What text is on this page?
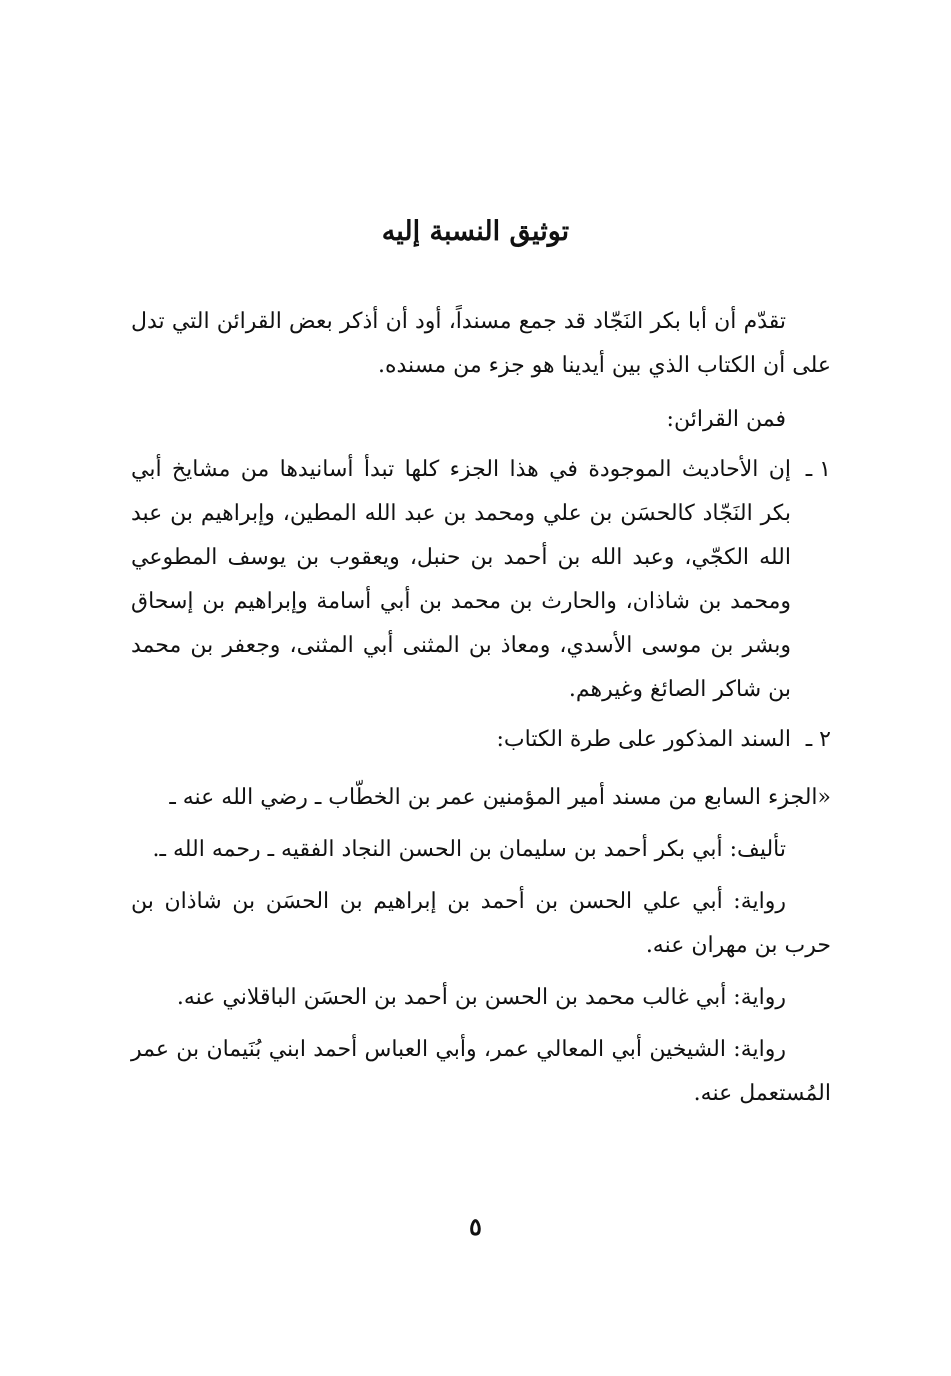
توثيق النسبة إليه

تقدّم أن أبا بكر النَجّاد قد جمع مسنداً، أود أن أذكر بعض القرائن التي تدل على أن الكتاب الذي بين أيدينا هو جزء من مسنده.

فمن القرائن:

١ ـ
إن الأحاديث الموجودة في هذا الجزء كلها تبدأ أسانيدها من مشايخ أبي بكر النَجّاد كالحسَن بن علي ومحمد بن عبد الله المطين، وإبراهيم بن عبد الله الكجّي، وعبد الله بن أحمد بن حنبل، ويعقوب بن يوسف المطوعي ومحمد بن شاذان، والحارث بن محمد بن أبي أسامة وإبراهيم بن إسحاق وبشر بن موسى الأسدي، ومعاذ بن المثنى أبي المثنى، وجعفر بن محمد بن شاكر الصائغ وغيرهم.
٢ ـ
السند المذكور على طرة الكتاب:

«الجزء السابع من مسند أمير المؤمنين عمر بن الخطّاب ـ رضي الله عنه ـ

تأليف: أبي بكر أحمد بن سليمان بن الحسن النجاد الفقيه ـ رحمه الله ـ.

رواية: أبي علي الحسن بن أحمد بن إبراهيم بن الحسَن بن شاذان بن حرب بن مهران عنه.

رواية: أبي غالب محمد بن الحسن بن أحمد بن الحسَن الباقلاني عنه.

رواية: الشيخين أبي المعالي عمر، وأبي العباس أحمد ابني بُنَيمان بن عمر المُستعمل عنه.

٥
